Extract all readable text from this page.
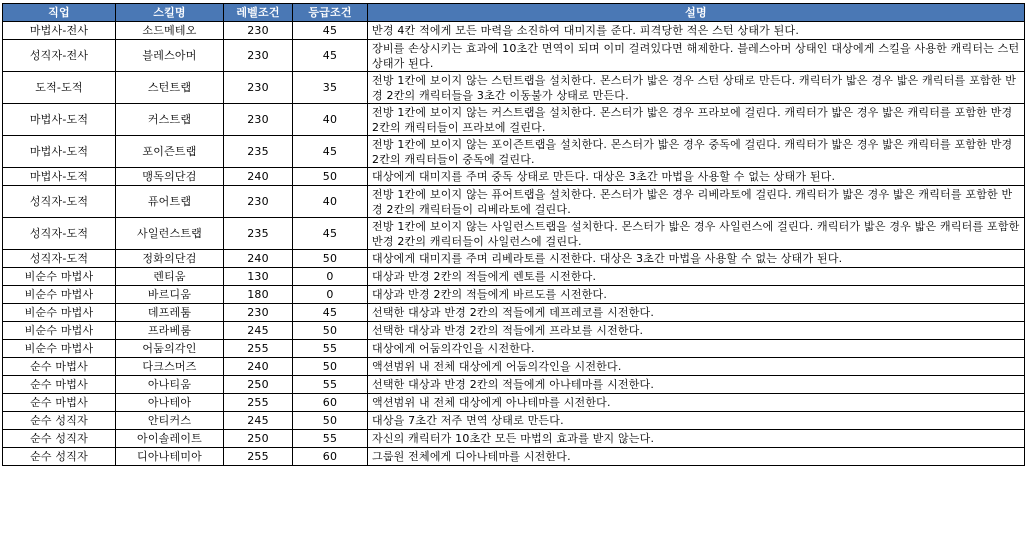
직업	스킬명	레벨조건	등급조건	설명
마법사-전사	소드메테오	230	45	반경 4칸 적에게 모든 마력을 소진하여 대미지를 준다. 피격당한 적은 스턴 상태가 된다.
성직자-전사	블레스아머	230	45	장비를 손상시키는 효과에 10초간 면역이 되며 이미 걸려있다면 해제한다. 블레스아머 상태인 대상에게 스킬을 사용한 캐릭터는 스턴 상태가 된다.
도적-도적	스턴트랩	230	35	전방 1칸에 보이지 않는 스턴트랩을 설치한다. 몬스터가 밟은 경우 스턴 상태로 만든다. 캐릭터가 밟은 경우 밟은 캐릭터를 포함한 반경 2칸의 캐릭터들을 3초간 이동불가 상태로 만든다.
마법사-도적	커스트랩	230	40	전방 1칸에 보이지 않는 커스트랩을 설치한다. 몬스터가 밟은 경우 프라보에 걸린다. 캐릭터가 밟은 경우 밟은 캐릭터를 포함한 반경 2칸의 캐릭터들이 프라보에 걸린다.
마법사-도적	포이즌트랩	235	45	전방 1칸에 보이지 않는 포이즌트랩을 설치한다. 몬스터가 밟은 경우 중독에 걸린다. 캐릭터가 밟은 경우 밟은 캐릭터를 포함한 반경 2칸의 캐릭터들이 중독에 걸린다.
마법사-도적	맹독의단검	240	50	대상에게 대미지를 주며 중독 상태로 만든다. 대상은 3초간 마법을 사용할 수 없는 상태가 된다.
성직자-도적	퓨어트랩	230	40	전방 1칸에 보이지 않는 퓨어트랩을 설치한다. 몬스터가 밟은 경우 리베라토에 걸린다. 캐릭터가 밟은 경우 밟은 캐릭터를 포함한 반경 2칸의 캐릭터들이 리베라토에 걸린다.
성직자-도적	사일런스트랩	235	45	전방 1칸에 보이지 않는 사일런스트랩을 설치한다. 몬스터가 밟은 경우 사일런스에 걸린다. 캐릭터가 밟은 경우 밟은 캐릭터를 포함한 반경 2칸의 캐릭터들이 사일런스에 걸린다.
성직자-도적	정화의단검	240	50	대상에게 대미지를 주며 리베라토를 시전한다. 대상은 3초간 마법을 사용할 수 없는 상태가 된다.
비순수 마법사	렌티움	130	0	대상과 반경 2칸의 적들에게 렌토를 시전한다.
비순수 마법사	바르디움	180	0	대상과 반경 2칸의 적들에게 바르도를 시전한다.
비순수 마법사	데프레툼	230	45	선택한 대상과 반경 2칸의 적들에게 데프레코를 시전한다.
비순수 마법사	프라베룸	245	50	선택한 대상과 반경 2칸의 적들에게 프라보를 시전한다.
비순수 마법사	어둠의각인	255	55	대상에게 어둠의각인을 시전한다.
순수 마법사	다크스머즈	240	50	액션범위 내 전체 대상에게 어둠의각인을 시전한다.
순수 마법사	아나티움	250	55	선택한 대상과 반경 2칸의 적들에게 아나테마를 시전한다.
순수 마법사	아나테아	255	60	액션범위 내 전체 대상에게 아나테마를 시전한다.
순수 성직자	안티커스	245	50	대상을 7초간 저주 면역 상태로 만든다.
순수 성직자	아이솔레이트	250	55	자신의 캐릭터가 10초간 모든 마법의 효과를 받지 않는다.
순수 성직자	디아나테미아	255	60	그룹원 전체에게 디아나테마를 시전한다.
